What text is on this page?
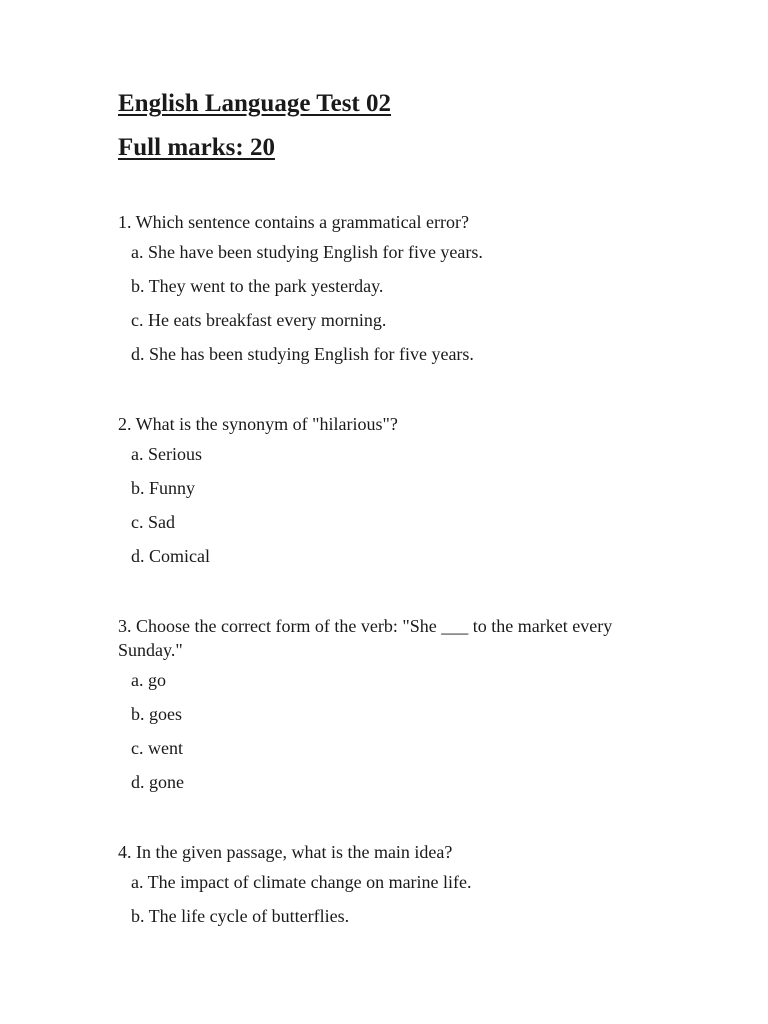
English Language Test 02
Full marks: 20

1. Which sentence contains a grammatical error?

a. She have been studying English for five years.
b. They went to the park yesterday.
c. He eats breakfast every morning.
d. She has been studying English for five years.

2. What is the synonym of "hilarious"?

a. Serious
b. Funny
c. Sad
d. Comical

3. Choose the correct form of the verb: "She ___ to the market every Sunday."

a. go
b. goes
c. went
d. gone

4. In the given passage, what is the main idea?

a. The impact of climate change on marine life.
b. The life cycle of butterflies.
